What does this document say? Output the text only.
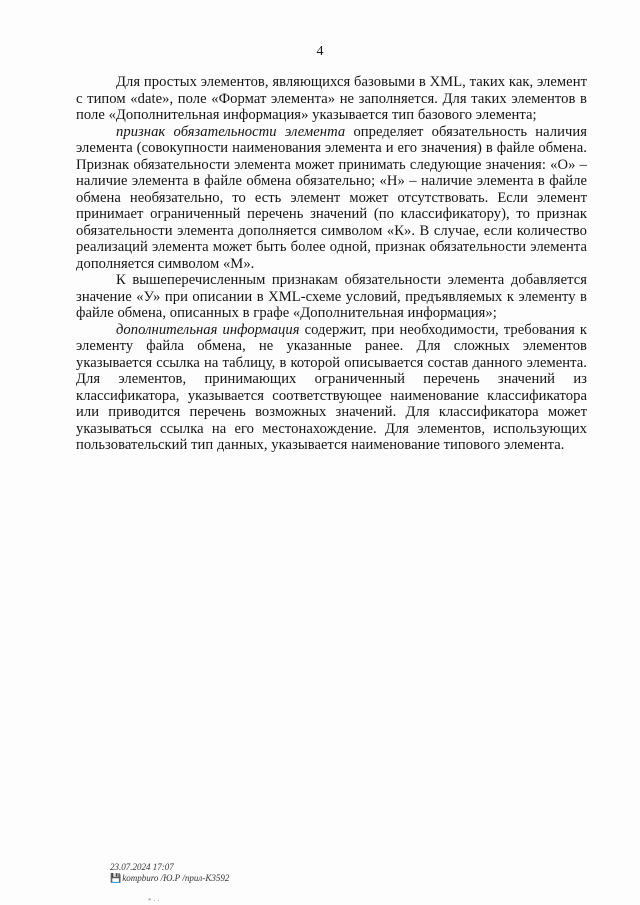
4

Для простых элементов, являющихся базовыми в XML, таких как, элемент с типом «date», поле «Формат элемента» не заполняется. Для таких элементов в поле «Дополнительная информация» указывается тип базового элемента;

признак обязательности элемента определяет обязательность наличия элемента (совокупности наименования элемента и его значения) в файле обмена. Признак обязательности элемента может принимать следующие значения: «О» – наличие элемента в файле обмена обязательно; «Н» – наличие элемента в файле обмена необязательно, то есть элемент может отсутствовать. Если элемент принимает ограниченный перечень значений (по классификатору), то признак обязательности элемента дополняется символом «К». В случае, если количество реализаций элемента может быть более одной, признак обязательности элемента дополняется символом «М».

К вышеперечисленным признакам обязательности элемента добавляется значение «У» при описании в XML-схеме условий, предъявляемых к элементу в файле обмена, описанных в графе «Дополнительная информация»;

дополнительная информация содержит, при необходимости, требования к элементу файла обмена, не указанные ранее. Для сложных элементов указывается ссылка на таблицу, в которой описывается состав данного элемента. Для элементов, принимающих ограниченный перечень значений из классификатора, указывается соответствующее наименование классификатора или приводится перечень возможных значений. Для классификатора может указываться ссылка на его местонахождение. Для элементов, использующих пользовательский тип данных, указывается наименование типового элемента.

23.07.2024 17:07
💾kompburo /Ю.Р /прил-К3592
* · ·
